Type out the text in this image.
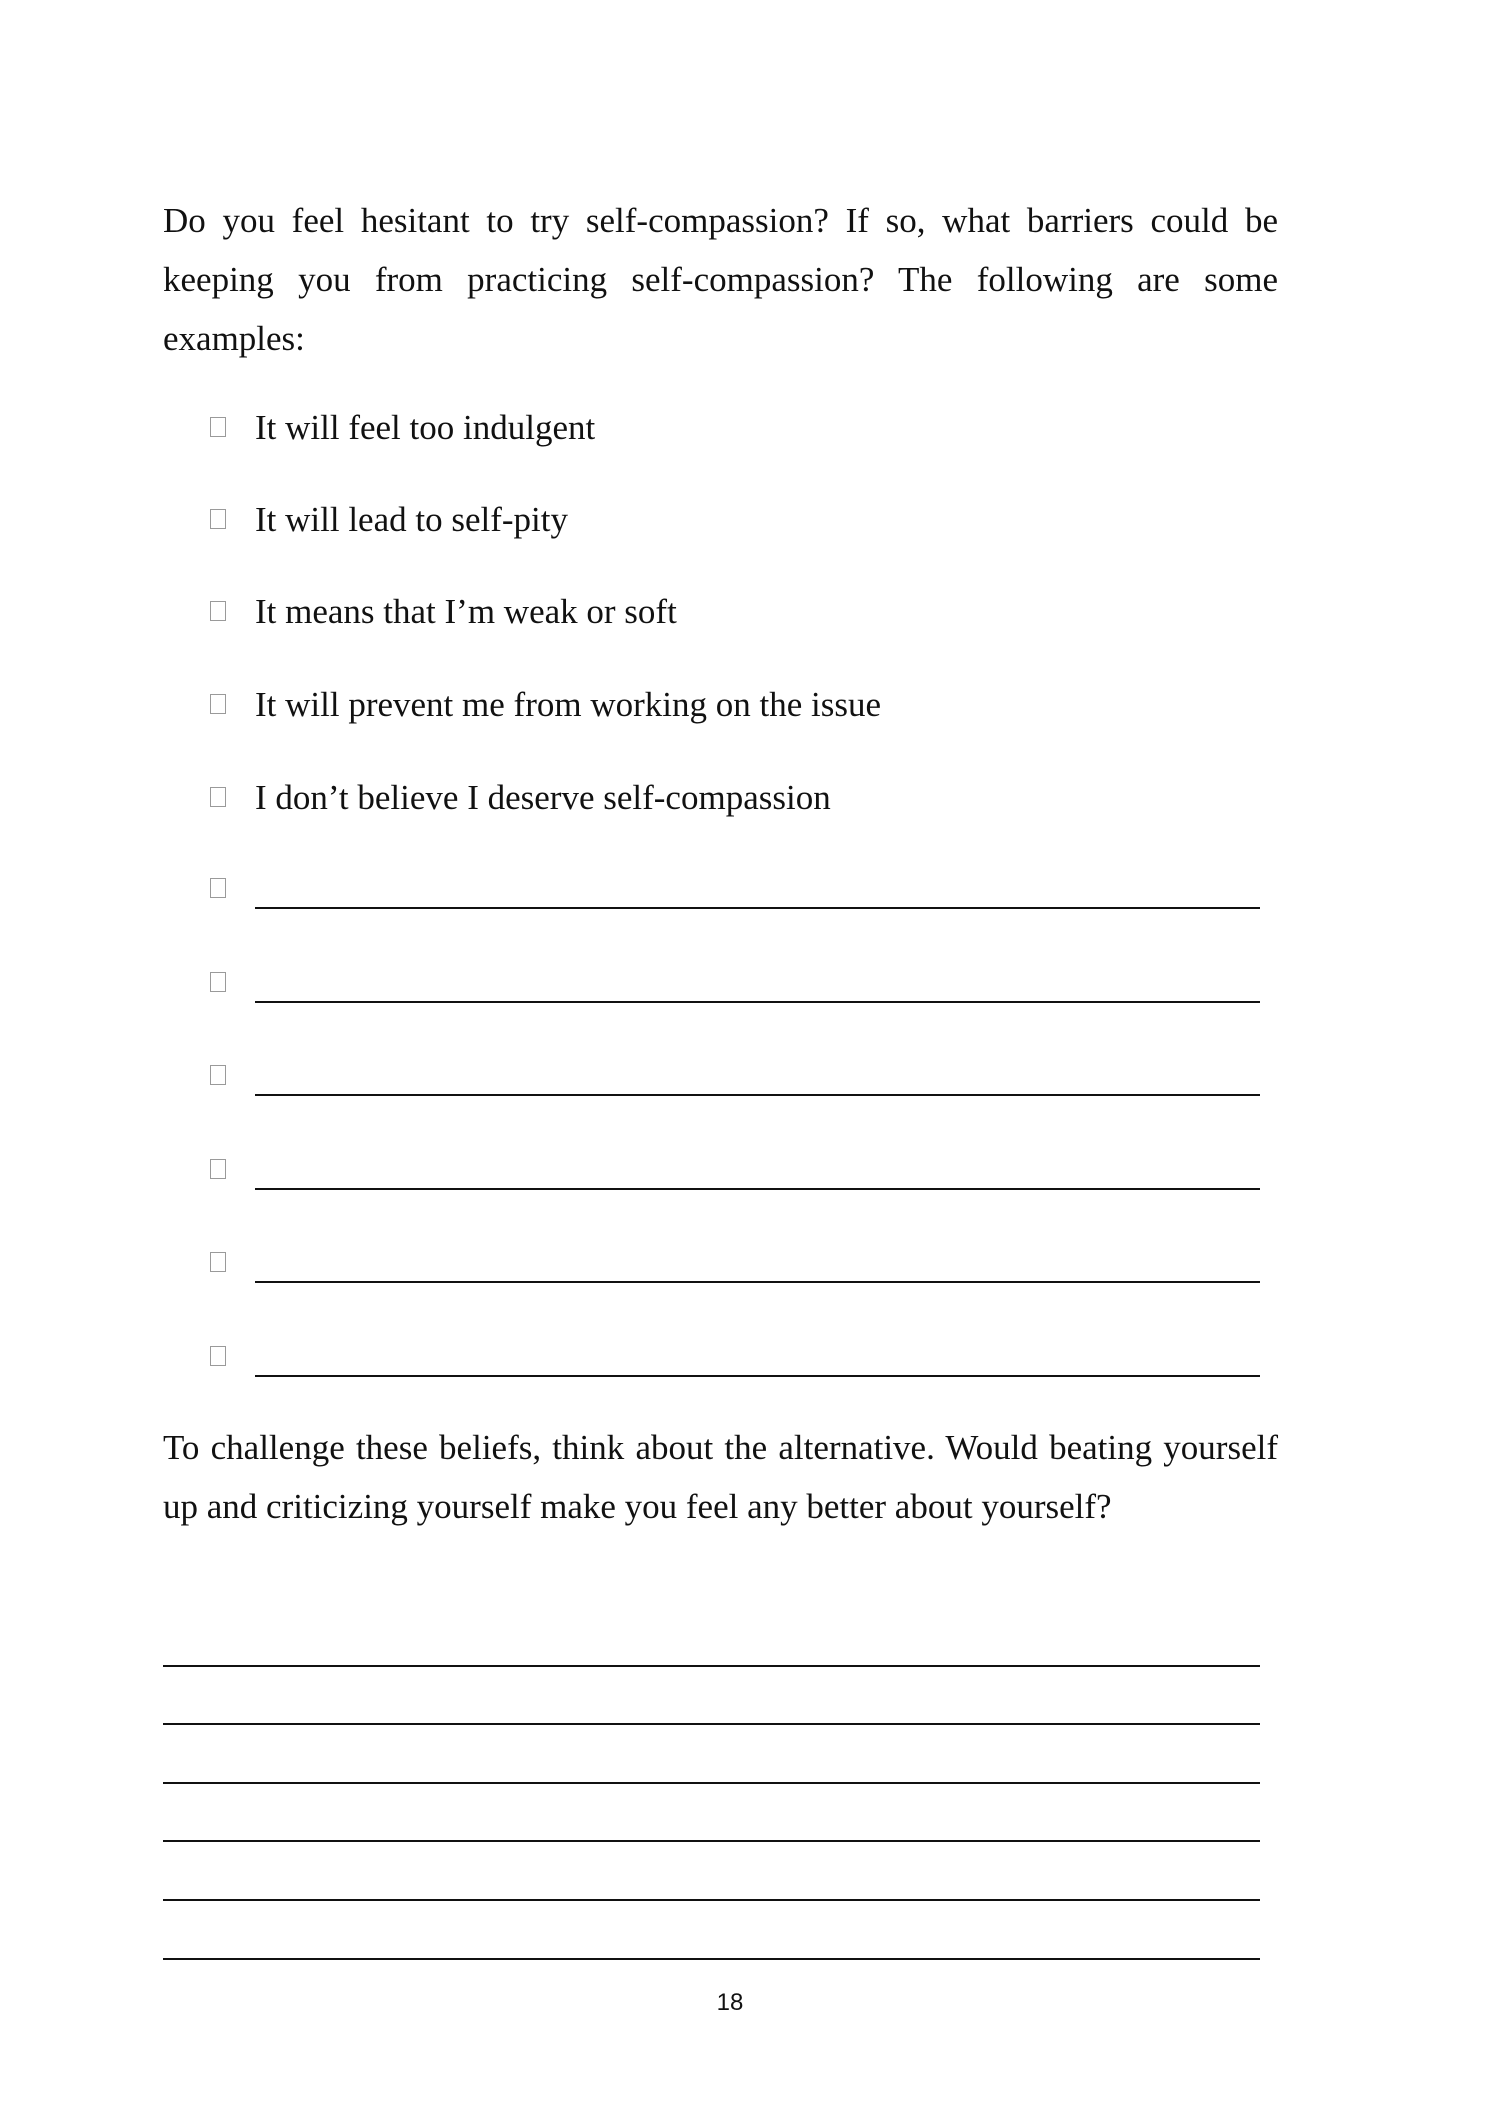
Do you feel hesitant to try self-compassion? If so, what barriers could be keeping you from practicing self-compassion? The following are some examples:

It will feel too indulgent
It will lead to self-pity
It means that I’m weak or soft
It will prevent me from working on the issue
I don’t believe I deserve self-compassion

To challenge these beliefs, think about the alternative. Would beating yourself up and criticizing yourself make you feel any better about yourself?

18
